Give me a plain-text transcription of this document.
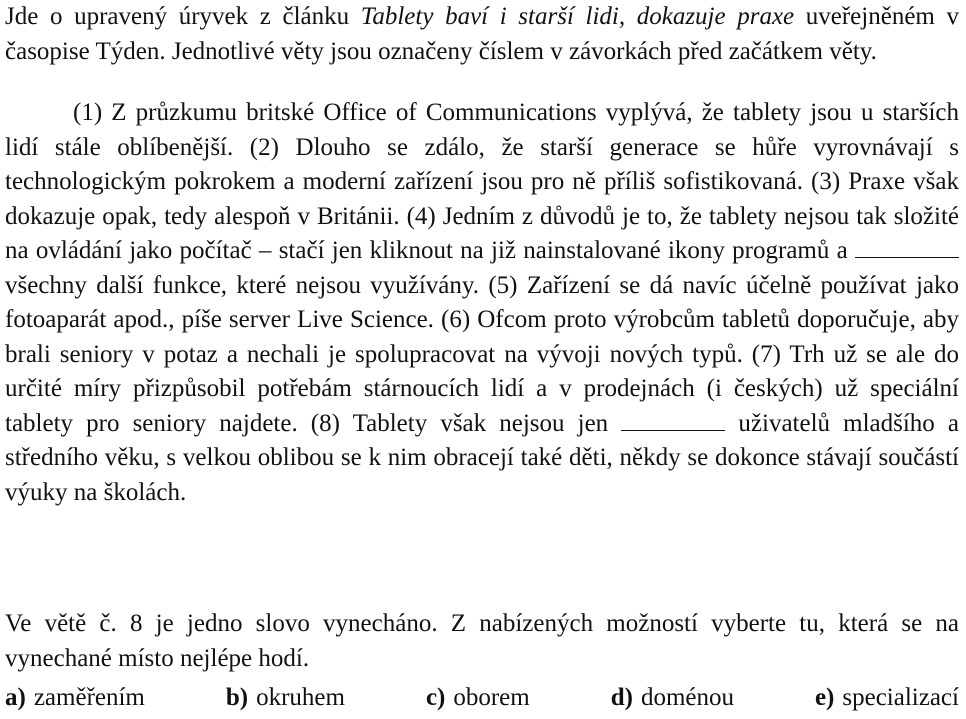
Jde o upravený úryvek z článku Tablety baví i starší lidi, dokazuje praxe uveřejněném v časopise Týden. Jednotlivé věty jsou označeny číslem v závorkách před začátkem věty.

(1) Z průzkumu britské Office of Communications vyplývá, že tablety jsou u starších lidí stále oblíbenější. (2) Dlouho se zdálo, že starší generace se hůře vyrovnávají s technologickým pokrokem a moderní zařízení jsou pro ně příliš sofistikovaná. (3) Praxe však dokazuje opak, tedy alespoň v Británii. (4) Jedním z důvodů je to, že tablety nejsou tak složité na ovládání jako počítač – stačí jen kliknout na již nainstalované ikony programů a  všechny další funkce, které nejsou využívány. (5) Zařízení se dá navíc účelně používat jako fotoaparát apod., píše server Live Science. (6) Ofcom proto výrobcům tabletů doporučuje, aby brali seniory v potaz a nechali je spolupracovat na vývoji nových typů. (7) Trh už se ale do určité míry přizpůsobil potřebám stárnoucích lidí a v prodejnách (i českých) už speciální tablety pro seniory najdete. (8) Tablety však nejsou jen	uživatelů mladšího a středního věku, s velkou oblibou se k nim obracejí také děti, někdy se dokonce stávají součástí výuky na školách.

Ve větě č. 8 je jedno slovo vynecháno. Z nabízených možností vyberte tu, která se na vynechané místo nejlépe hodí.

a) zaměřením	b) okruhem	c) oborem	d) doménou	e) specializací
